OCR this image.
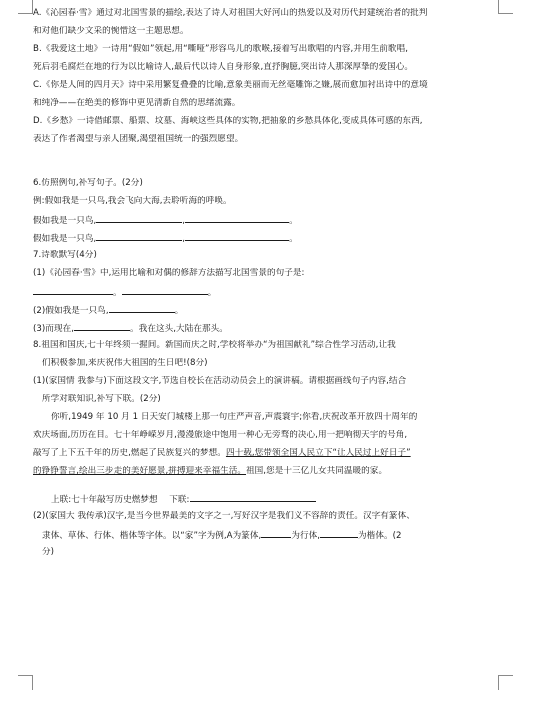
A.《沁园春·雪》通过对北国雪景的描绘,表达了诗人对祖国大好河山的热爱以及对历代封建统治者的批判
和对他们缺少文采的惋惜这一主题思想。
B.《我爱这土地》一诗用“假如”领起,用“嘶哑”形容鸟儿的歌喉,接着写出歌唱的内容,并用生前歌唱,
死后羽毛腐烂在地的行为以比喻诗人,最后代以诗人自身形象,直抒胸臆,突出诗人那深厚挚的爱国心。
C.《你是人间的四月天》诗中采用繁复叠叠的比喻,意象美丽而无丝毫雕饰之嫌,展而愈加衬出诗中的意境
和纯净——在绝美的修饰中更见清新自然的思绪流露。
D.《乡愁》一诗借邮票、船票、坟墓、海峡这些具体的实物,把抽象的乡愁具体化,变成具体可感的东西,
表达了作者渴望与亲人团聚,渴望祖国统一的强烈愿望。
6.仿照例句,补写句子。(2分)
例:假如我是一只鸟,我会飞向大海,去聆听海的呼唤。
假如我是一只鸟,	,	。
假如我是一只鸟,	,	。
7.诗歌默写(4分)
(1)《沁园春·雪》中,运用比喻和对偶的修辞方法描写北国雪景的句子是:
。	。
(2)假如我是一只鸟,	。
(3)而现在,	。我在这头,大陆在那头。
8.祖国和国庆,七十年终须一握间。新国而庆之时,学校将举办“为祖国献礼”综合性学习活动,让我
们积极参加,来庆祝伟大祖国的生日吧!(8分)
(1)(家国情 我参与)下面这段文字,节选自校长在活动动员会上的演讲稿。请根据画线句子内容,结合
所学对联知识,补写下联。(2分)
你听,1949 年 10 月 1 日天安门城楼上那一句庄严声音,声震寰宇;你看,庆祝改革开放四十周年的
欢庆场面,历历在目。七十年峥嵘岁月,漫漫旅途中饱用一种心无旁骛的决心,用一把响彻天宇的号角,
敲写了上下五千年的历史,燃起了民族复兴的梦想。四十载,您带领全国人民立下“让人民过上好日子”
的铮铮誓言,绘出三步走的美好愿景,拼搏迎来幸福生活。祖国,您是十三亿儿女共同温暖的家。
上联:七十年敲写历史燃梦想 下联:
(2)(家国大 我传承)汉字,是当今世界最美的文字之一,写好汉字是我们义不容辞的责任。汉字有篆体、
隶体、草体、行体、楷体等字体。以“家”字为例,A为篆体,	为行体,	为楷体。(2
分)
